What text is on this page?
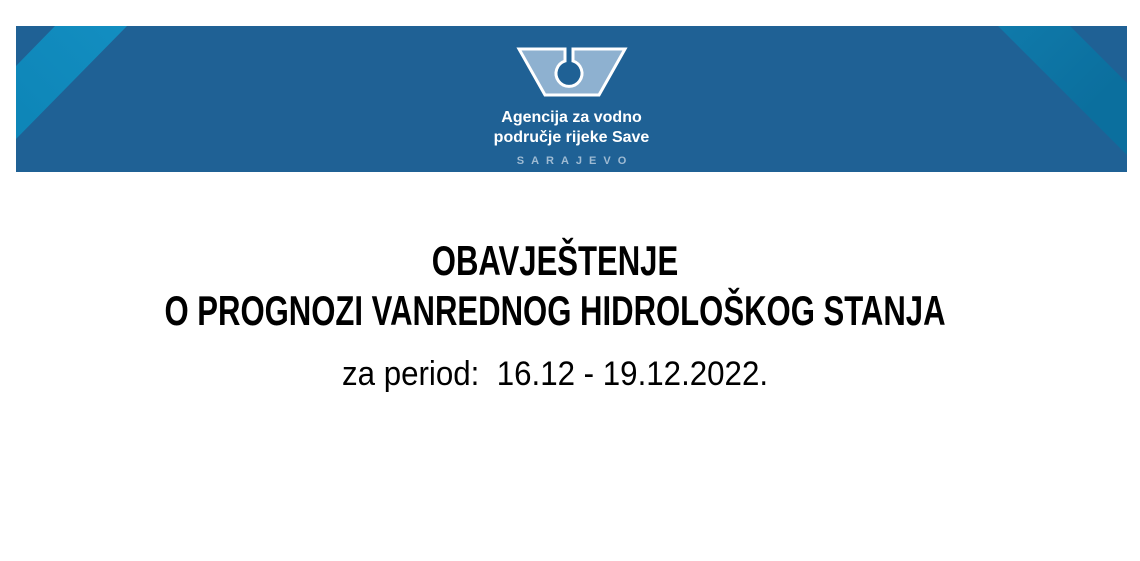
Agencija za vodno
područje rijeke Save
SARAJEVO
OBAVJEŠTENJE
O PROGNOZI VANREDNOG HIDROLOŠKOG STANJA
za period:  16.12 - 19.12.2022.
